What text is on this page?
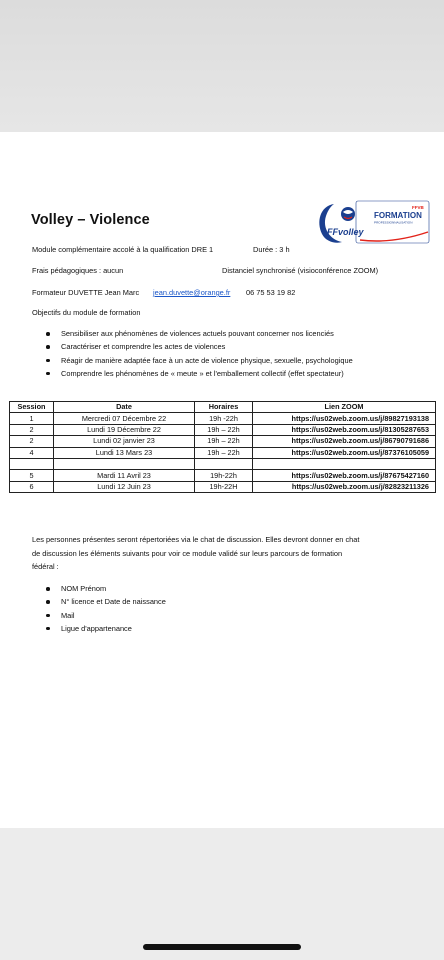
Volley – Violence
FFVB
FORMATION
PROFESSIONNALISATION
FFvolley
Module complémentaire accolé à la qualification DRE 1	Durée : 3 h
Frais pédagogiques : aucun	Distanciel synchronisé (visioconférence ZOOM)
Formateur DUVETTE Jean Marc jean.duvette@orange.fr 06 75 53 19 82
Objectifs du module de formation
Sensibiliser aux phénomènes de violences actuels pouvant concerner nos licenciés
Caractériser et comprendre les actes de violences
Réagir de manière adaptée face à un acte de violence physique, sexuelle, psychologique
Comprendre les phénomènes de « meute » et l'emballement collectif (effet spectateur)
Session	Date	Horaires	Lien ZOOM
1	Mercredi 07 Décembre 22	19h -22h	https://us02web.zoom.us/j/89827193138
2	Lundi 19 Décembre 22	19h – 22h	https://us02web.zoom.us/j/81305287653
2	Lundi 02 janvier 23	19h – 22h	https://us02web.zoom.us/j/86790791686
4	Lundi 13 Mars 23	19h – 22h	https://us02web.zoom.us/j/87376105059

5	Mardi 11 Avril 23	19h-22h	https://us02web.zoom.us/j/87675427160
6	Lundi 12 Juin 23	19h-22H	https://us02web.zoom.us/j/82823211326
Les personnes présentes seront répertoriées via le chat de discussion. Elles devront donner en chat
de discussion les éléments suivants pour voir ce module validé sur leurs parcours de formation
fédéral :
NOM Prénom
N° licence et Date de naissance
Mail
Ligue d'appartenance
